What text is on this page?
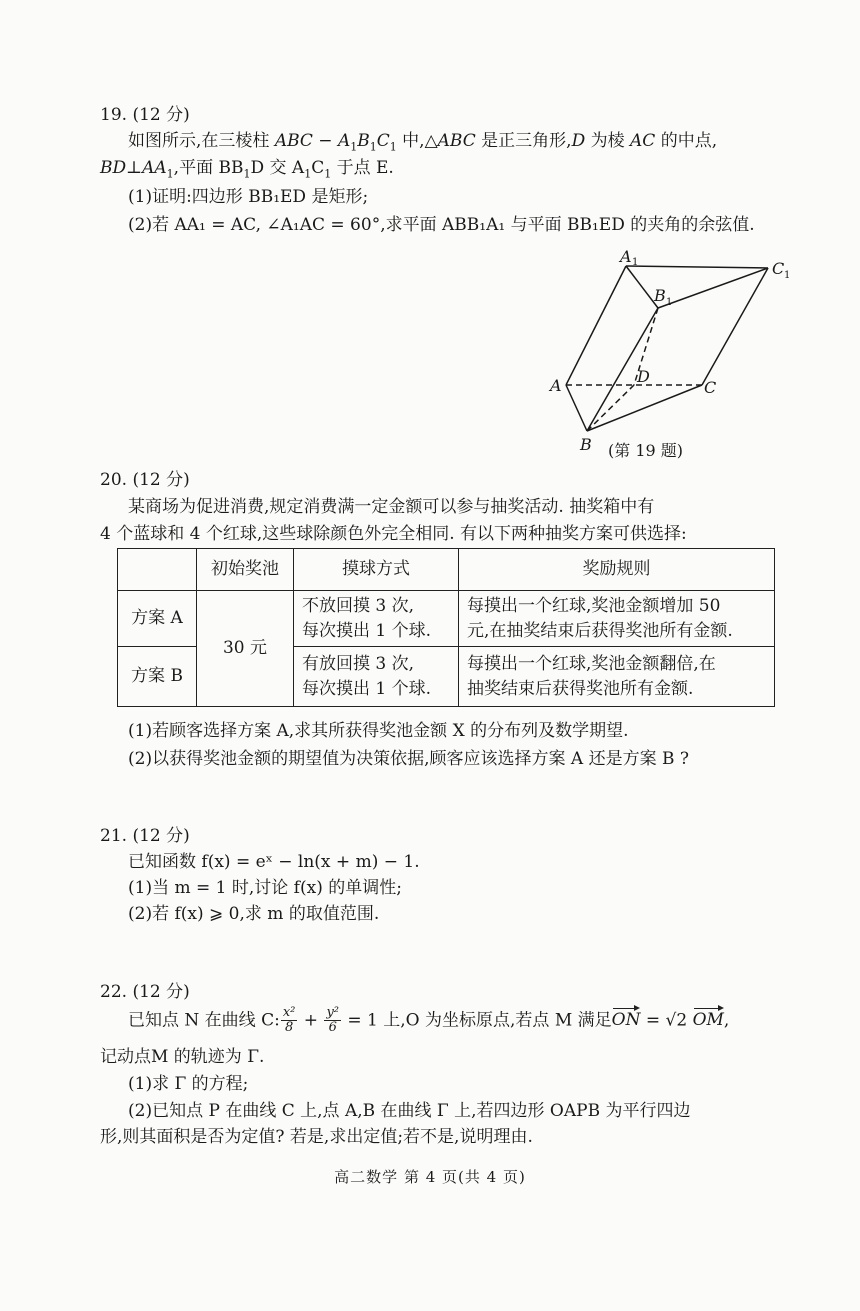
19. (12 分)
如图所示,在三棱柱 ABC − $A_1B_1C_1$ 中,△ABC 是正三角形,D 为棱 AC 的中点,
$BD\perp AA_1$,平面 $BB_1D$ 交 $A_1C_1$ 于点 E.
(1)证明:四边形 BB₁ED 是矩形;
(2)若 AA₁ = AC, ∠A₁AC = 60°,求平面 ABB₁A₁ 与平面 BB₁ED 的夹角的余弦值.
A 1	C 1
B 1
A	D
C
B (第 19 题)
20. (12 分)
某商场为促进消费,规定消费满一定金额可以参与抽奖活动. 抽奖箱中有
4 个蓝球和 4 个红球,这些球除颜色外完全相同. 有以下两种抽奖方案可供选择:
	初始奖池	摸球方式	奖励规则
方案 A	30 元	不放回摸 3 次,
每次摸出 1 个球.	每摸出一个红球,奖池金额增加 50
元,在抽奖结束后获得奖池所有金额.
方案 B		有放回摸 3 次,
每次摸出 1 个球.	每摸出一个红球,奖池金额翻倍,在
抽奖结束后获得奖池所有金额.
(1)若顾客选择方案 A,求其所获得奖池金额 X 的分布列及数学期望.
(2)以获得奖池金额的期望值为决策依据,顾客应该选择方案 A 还是方案 B ?
21. (12 分)
已知函数 f(x) = eˣ − ln(x + m) − 1.
(1)当 m = 1 时,讨论 f(x) 的单调性;
(2)若 f(x) ⩾ 0,求 m 的取值范围.
22. (12 分)
已知点 N 在曲线 C: $\frac{\text{x²}}{8} + \frac{\text{y²}}{6} = 1$ 上,O 为坐标原点,若点 M 满足ON = √2 OM,
记动点M 的轨迹为 Γ.
(1)求 Γ 的方程;
(2)已知点 P 在曲线 C 上,点 A,B 在曲线 Γ 上,若四边形 OAPB 为平行四边
形,则其面积是否为定值? 若是,求出定值;若不是,说明理由.
高二数学 第 4 页(共 4 页)
